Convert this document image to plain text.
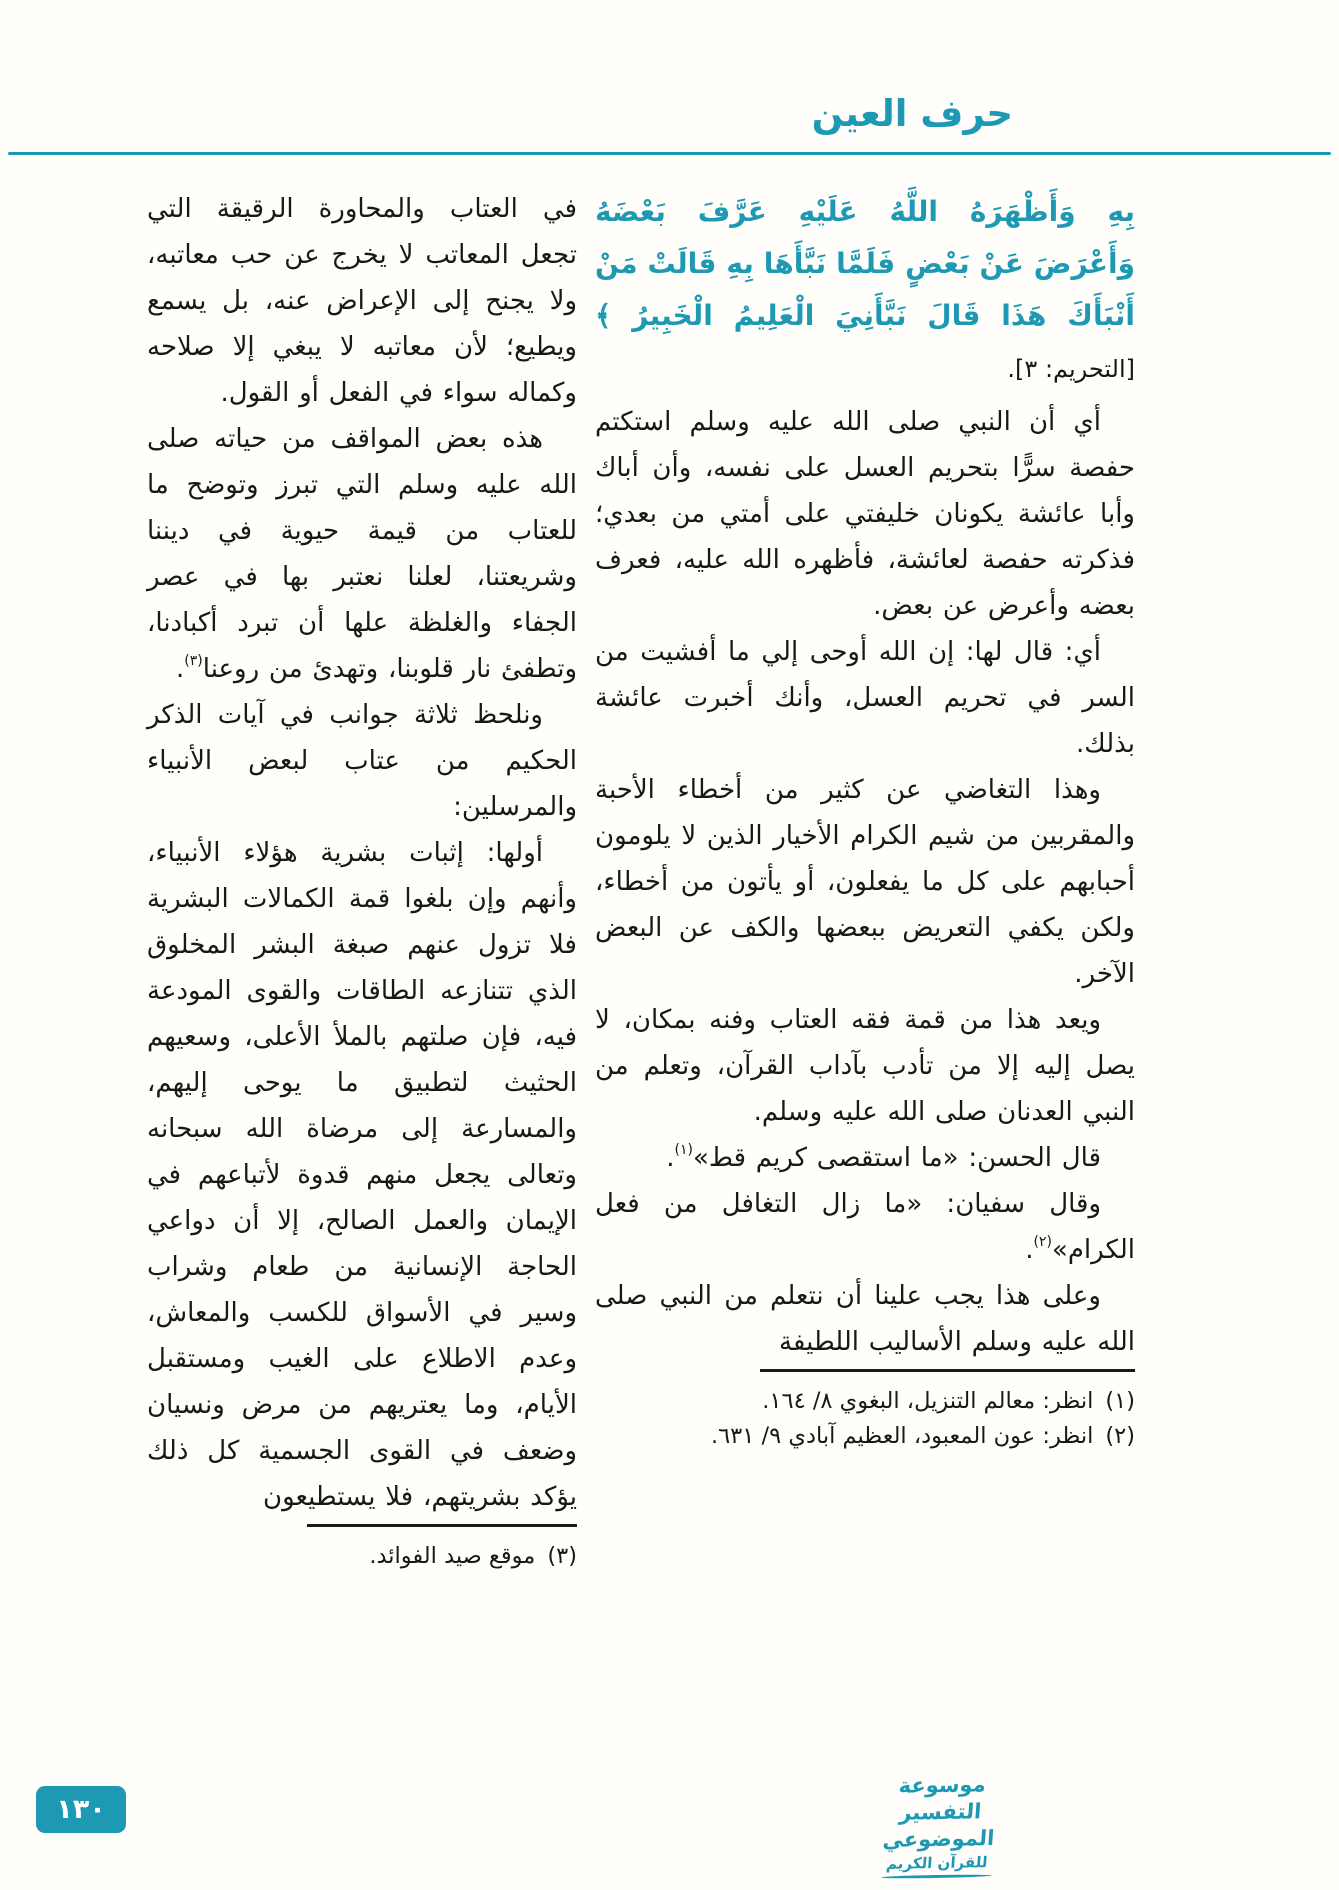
حرف العين

بِهِ وَأَظْهَرَهُ اللَّهُ عَلَيْهِ عَرَّفَ بَعْضَهُ وَأَعْرَضَ عَنْ بَعْضٍ فَلَمَّا نَبَّأَهَا بِهِ قَالَتْ مَنْ أَنْبَأَكَ هَذَا قَالَ نَبَّأَنِيَ الْعَلِيمُ الْخَبِيرُ ﴾ [التحريم: ٣].

أي أن النبي صلى الله عليه وسلم استكتم حفصة سرًّا بتحريم العسل على نفسه، وأن أباك وأبا عائشة يكونان خليفتي على أمتي من بعدي؛ فذكرته حفصة لعائشة، فأظهره الله عليه، فعرف بعضه وأعرض عن بعض.

أي: قال لها: إن الله أوحى إلي ما أفشيت من السر في تحريم العسل، وأنك أخبرت عائشة بذلك.

وهذا التغاضي عن كثير من أخطاء الأحبة والمقربين من شيم الكرام الأخيار الذين لا يلومون أحبابهم على كل ما يفعلون، أو يأتون من أخطاء، ولكن يكفي التعريض ببعضها والكف عن البعض الآخر.

ويعد هذا من قمة فقه العتاب وفنه بمكان، لا يصل إليه إلا من تأدب بآداب القرآن، وتعلم من النبي العدنان صلى الله عليه وسلم.

قال الحسن: «ما استقصى كريم قط»$^{(١)}$.

وقال سفيان: «ما زال التغافل من فعل الكرام»$^{(٢)}$.

وعلى هذا يجب علينا أن نتعلم من النبي صلى الله عليه وسلم الأساليب اللطيفة

(١)
انظر: معالم التنزيل، البغوي ٨/ ١٦٤.
(٢)
انظر: عون المعبود، العظيم آبادي ٩/ ٦٣١.

في العتاب والمحاورة الرقيقة التي تجعل المعاتب لا يخرج عن حب معاتبه، ولا يجنح إلى الإعراض عنه، بل يسمع ويطيع؛ لأن معاتبه لا يبغي إلا صلاحه وكماله سواء في الفعل أو القول.

هذه بعض المواقف من حياته صلى الله عليه وسلم التي تبرز وتوضح ما للعتاب من قيمة حيوية في ديننا وشريعتنا، لعلنا نعتبر بها في عصر الجفاء والغلظة علها أن تبرد أكبادنا، وتطفئ نار قلوبنا، وتهدئ من روعنا$^{(٣)}$.

ونلحظ ثلاثة جوانب في آيات الذكر الحكيم من عتاب لبعض الأنبياء والمرسلين:

أولها: إثبات بشرية هؤلاء الأنبياء، وأنهم وإن بلغوا قمة الكمالات البشرية فلا تزول عنهم صبغة البشر المخلوق الذي تتنازعه الطاقات والقوى المودعة فيه، فإن صلتهم بالملأ الأعلى، وسعيهم الحثيث لتطبيق ما يوحى إليهم، والمسارعة إلى مرضاة الله سبحانه وتعالى يجعل منهم قدوة لأتباعهم في الإيمان والعمل الصالح، إلا أن دواعي الحاجة الإنسانية من طعام وشراب وسير في الأسواق للكسب والمعاش، وعدم الاطلاع على الغيب ومستقبل الأيام، وما يعتريهم من مرض ونسيان وضعف في القوى الجسمية كل ذلك يؤكد بشريتهم، فلا يستطيعون

(٣)
موقع صيد الفوائد.
موسوعة التفسير الموضوعي
للقرآن الكريم
١٣٠
